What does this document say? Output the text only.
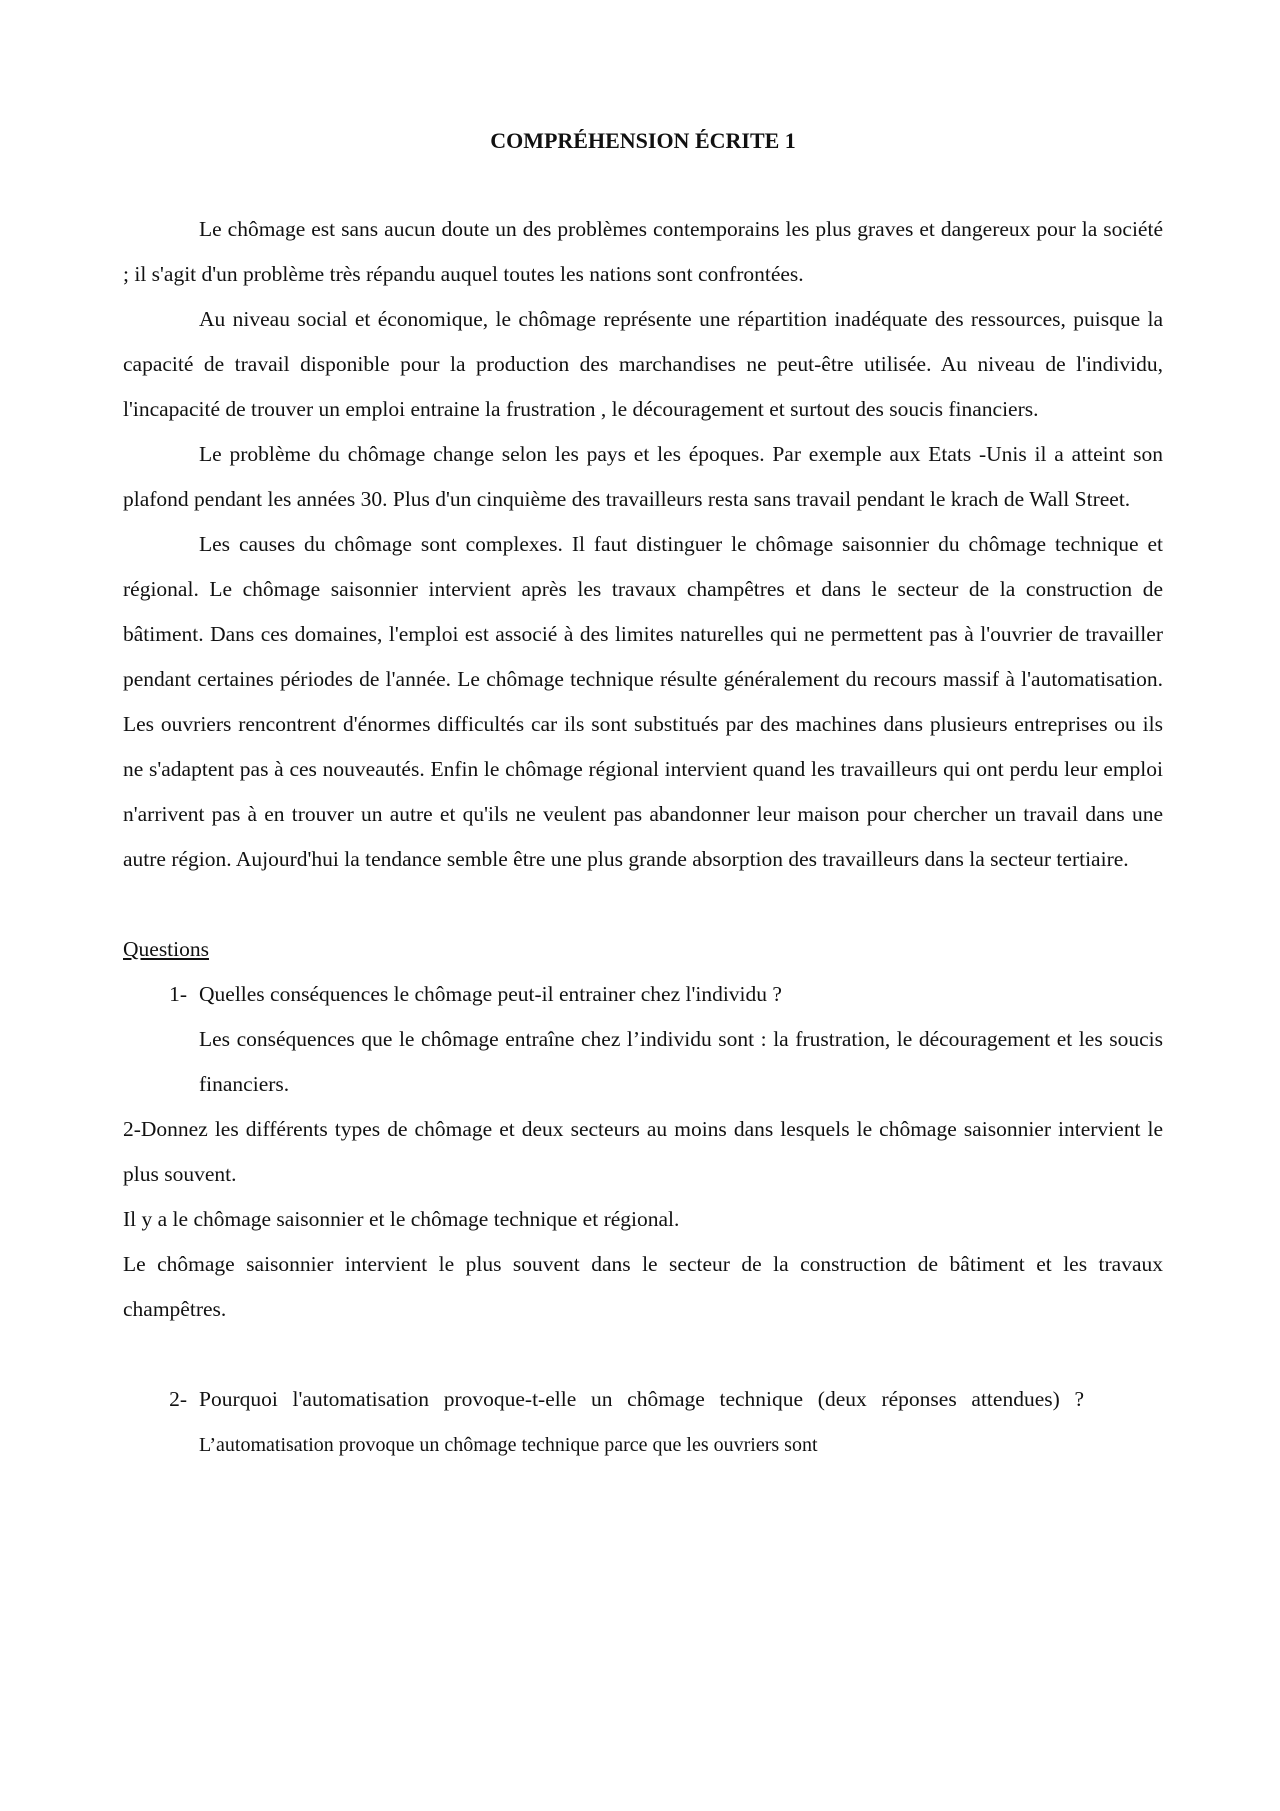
COMPRÉHENSION ÉCRITE 1

Le chômage est sans aucun doute un des problèmes contemporains les plus graves et dangereux pour la société ; il s'agit d'un problème très répandu auquel toutes les nations sont confrontées.

Au niveau social et économique, le chômage représente une répartition inadéquate des ressources, puisque la capacité de travail disponible pour la production des marchandises ne peut-être utilisée. Au niveau de l'individu, l'incapacité de trouver un emploi entraine la frustration , le découragement et surtout des soucis financiers.

Le problème du chômage change selon les pays et les époques. Par exemple aux Etats -Unis il a atteint son plafond pendant les années 30. Plus d'un cinquième des travailleurs resta sans travail pendant le krach de Wall Street.

Les causes du chômage sont complexes. Il faut distinguer le chômage saisonnier du chômage technique et régional. Le chômage saisonnier intervient après les travaux champêtres et dans le secteur de la construction de bâtiment. Dans ces domaines, l'emploi est associé à des limites naturelles qui ne permettent pas à l'ouvrier de travailler pendant certaines périodes de l'année. Le chômage technique résulte généralement du recours massif à l'automatisation. Les ouvriers rencontrent d'énormes difficultés car ils sont substitués par des machines dans plusieurs entreprises ou ils ne s'adaptent pas à ces nouveautés. Enfin le chômage régional intervient quand les travailleurs qui ont perdu leur emploi n'arrivent pas à en trouver un autre et qu'ils ne veulent pas abandonner leur maison pour chercher un travail dans une autre région. Aujourd'hui la tendance semble être une plus grande absorption des travailleurs dans la secteur tertiaire.

Questions

1- Quelles conséquences le chômage peut-il entrainer chez l'individu ?

Les conséquences que le chômage entraîne chez l’individu sont : la frustration, le découragement et les soucis financiers.

2-Donnez les différents types de chômage et deux secteurs au moins dans lesquels le chômage saisonnier intervient le plus souvent.

Il y a le chômage saisonnier et le chômage technique et régional.

Le chômage saisonnier intervient le plus souvent dans le secteur de la construction de bâtiment et les travaux champêtres.

2- Pourquoi l'automatisation provoque-t-elle un chômage technique (deux réponses attendues) ?       L’automatisation provoque un chômage technique parce que les ouvriers sont
